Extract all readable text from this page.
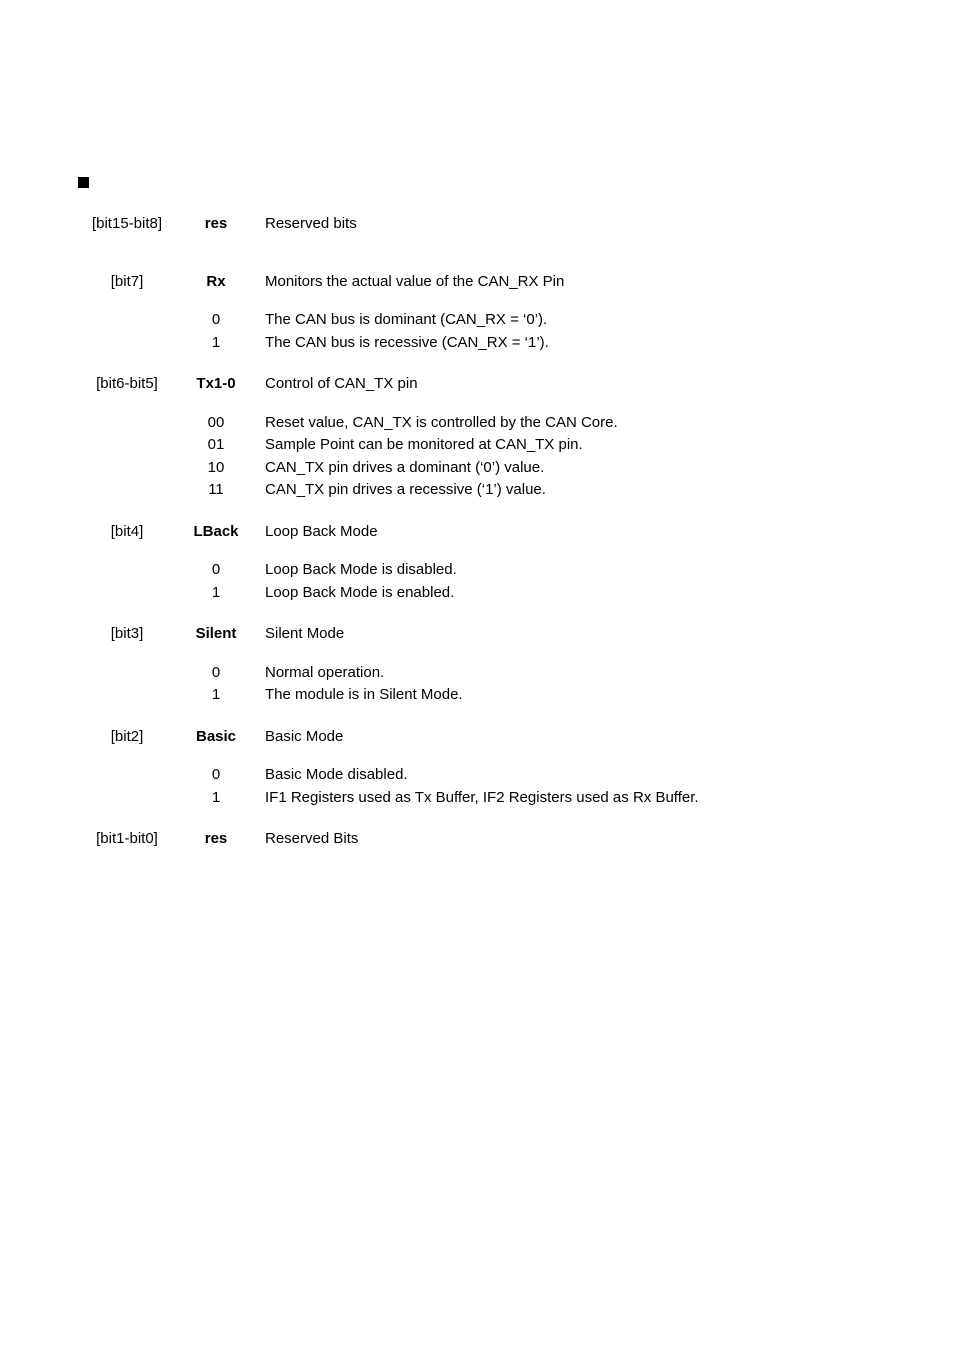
[bit15-bit8]	res	Reserved bits
[bit7]	Rx	Monitors the actual value of the CAN_RX Pin
0	The CAN bus is dominant (CAN_RX = ‘0’).
1	The CAN bus is recessive (CAN_RX = ‘1’).
[bit6-bit5]	Tx1-0	Control of CAN_TX pin
00	Reset value, CAN_TX is controlled by the CAN Core.
01	Sample Point can be monitored at CAN_TX pin.
10	CAN_TX pin drives a dominant (‘0’) value.
11	CAN_TX pin drives a recessive (‘1’) value.
[bit4]	LBack	Loop Back Mode
0	Loop Back Mode is disabled.
1	Loop Back Mode is enabled.
[bit3]	Silent	Silent Mode
0	Normal operation.
1	The module is in Silent Mode.
[bit2]	Basic	Basic Mode
0	Basic Mode disabled.
1	IF1 Registers used as Tx Buffer, IF2 Registers used as Rx Buffer.
[bit1-bit0]	res	Reserved Bits
